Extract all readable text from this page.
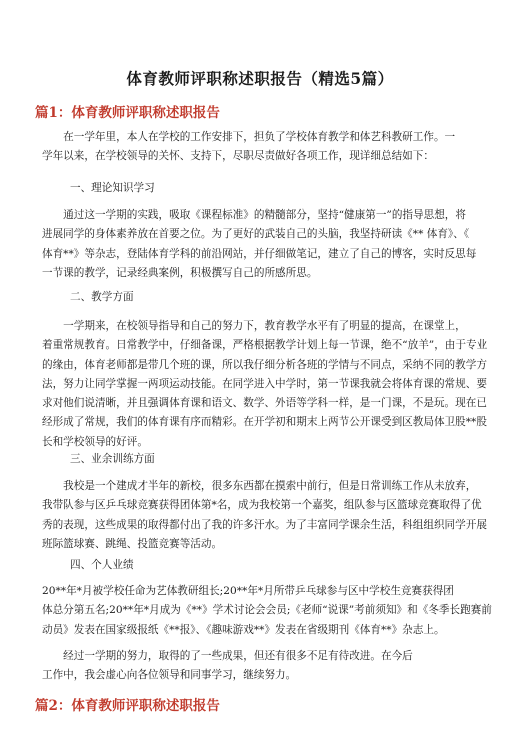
体育教师评职称述职报告（精选5篇）
篇1：体育教师评职称述职报告
　　在一学年里，本人在学校的工作安排下，担负了学校体育教学和体艺科教研工作。一
学年以来，在学校领导的关怀、支持下，尽职尽责做好各项工作，现详细总结如下：
一、理论知识学习
　　通过这一学期的实践，吸取《课程标准》的精髓部分，坚持“健康第一”的指导思想，将
进展同学的身体素养放在首要之位。为了更好的武装自己的头脑，我坚持研读《** 体育》、《
体育**》等杂志，登陆体育学科的前沿网站，并仔细做笔记，建立了自己的博客，实时反思每
一节课的教学，记录经典案例，积极撰写自己的所感所思。
二、教学方面
　　一学期来，在校领导指导和自己的努力下，教育教学水平有了明显的提高，在课堂上，
着重常规教育。日常教学中，仔细备课，严格根据教学计划上每一节课，绝不“放羊”，由于专业
的缘由，体育老师都是带几个班的课，所以我仔细分析各班的学情与不同点，采纳不同的教学方
法，努力让同学掌握一两项运动技能。在同学进入中学时，第一节课我就会将体育课的常规、要
求对他们说清晰，并且强调体育课和语文、数学、外语等学科一样，是一门课，不是玩。现在已
经形成了常规，我们的体育课有序而精彩。在开学初和期末上两节公开课受到区教局体卫股**股
长和学校领导的好评。
三、业余训练方面
　　我校是一个建成才半年的新校，很多东西都在摸索中前行，但是日常训练工作从未放弃，
我带队参与区乒乓球竞赛获得团体第*名，成为我校第一个嘉奖，组队参与区篮球竞赛取得了优
秀的表现，这些成果的取得都付出了我的许多汗水。为了丰富同学课余生活，科组组织同学开展
班际篮球赛、跳绳、投篮竞赛等活动。
四、个人业绩
20**年*月被学校任命为艺体教研组长;20**年*月所带乒乓球参与区中学校生竞赛获得团
体总分第五名;20**年*月成为《**》学术讨论会会员;《老师“说课”考前须知》和《冬季长跑赛前
动员》发表在国家级报纸《**报》、《趣味游戏**》发表在省级期刊《体育**》杂志上。
　　经过一学期的努力，取得的了一些成果，但还有很多不足有待改进。在今后
工作中，我会虚心向各位领导和同事学习，继续努力。
篇2：体育教师评职称述职报告
